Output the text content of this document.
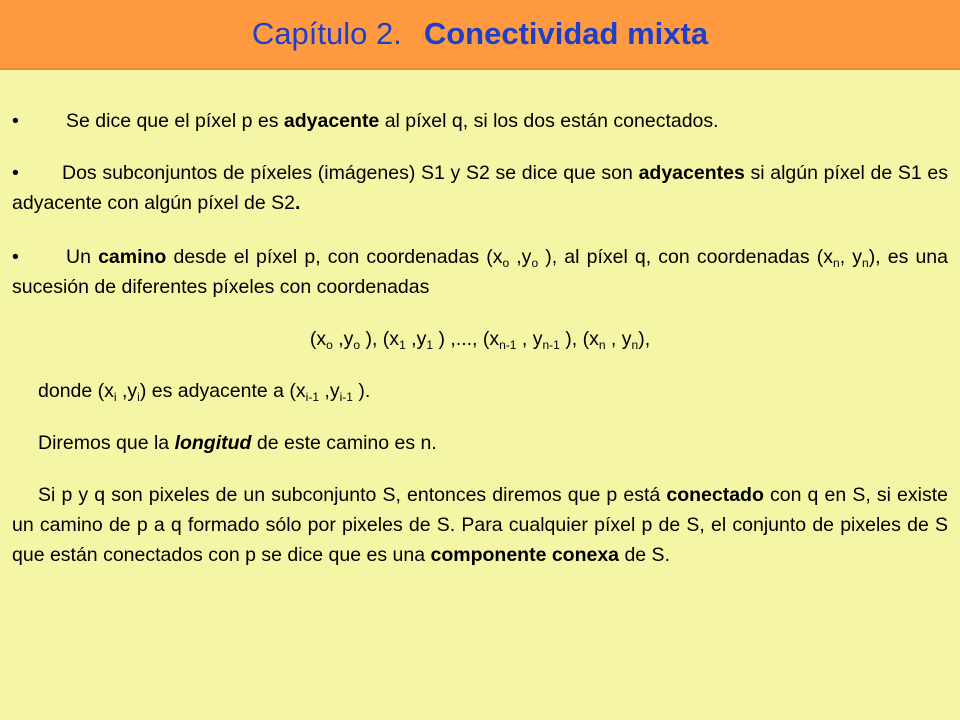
Capítulo 2. Conectividad mixta

• Se dice que el píxel p es adyacente al píxel q, si los dos están conectados.

• Dos subconjuntos de píxeles (imágenes) S1 y S2 se dice que son adyacentes si algún píxel de S1 es adyacente con algún píxel de S2.

• Un camino desde el píxel p, con coordenadas ($x_o$ $,y_o$ ), al píxel q, con coordenadas ($x_n$, $y_n$), es una sucesión de diferentes píxeles con coordenadas

($x_o$ $,y_o$ ), ($x_1$ $,y_1$ ) ,..., ($x_{n-1}$ , $y_{n-1}$ ), ($x_n$ , $y_n$),

donde ($x_i$ $,y_i$) es adyacente a ($x_{i-1}$ $,y_{i-1}$ ).

Diremos que la longitud de este camino es n.

Si p y q son pixeles de un subconjunto S, entonces diremos que p está conectado con q en S, si existe un camino de p a q formado sólo por pixeles de S. Para cualquier píxel p de S, el conjunto de pixeles de S que están conectados con p se dice que es una componente conexa de S.
